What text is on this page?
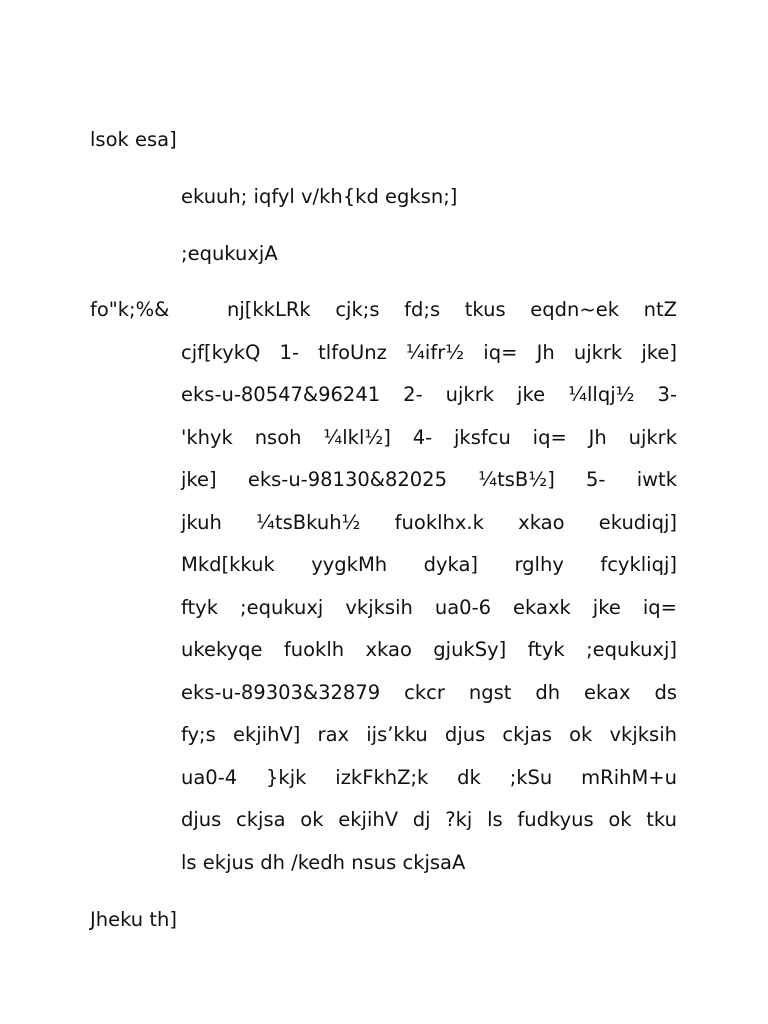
lsok esa]
ekuuh; iqfyl v/kh{kd egksn;]
;equkuxjA
fo"k;%&	nj[kkLRk cjk;s fd;s tkus eqdn~ek ntZ
cjf[kykQ 1- tlfoUnz ¼ifr½ iq= Jh ujkrk jke]
eks-u-80547&96241 2- ujkrk jke ¼llqj½ 3-
'khyk nsoh ¼lkl½] 4- jksfcu iq= Jh ujkrk
jke] eks-u-98130&82025 ¼tsB½] 5- iwtk
jkuh ¼tsBkuh½ fuoklhx.k xkao ekudiqj]
Mkd[kkuk yygkMh dyka] rglhy fcykliqj]
ftyk ;equkuxj vkjksih ua0-6 ekaxk jke iq=
ukekyqe fuoklh xkao gjukSy] ftyk ;equkuxj]
eks-u-89303&32879 ckcr ngst dh ekax ds
fy;s ekjihV] rax ijs’kku djus ckjas ok vkjksih
ua0-4 }kjk izkFkhZ;k dk ;kSu mRihM+u
djus ckjsa ok ekjihV dj ?kj ls fudkyus ok tku
ls ekjus dh /kedh nsus ckjsaA
Jheku th]
